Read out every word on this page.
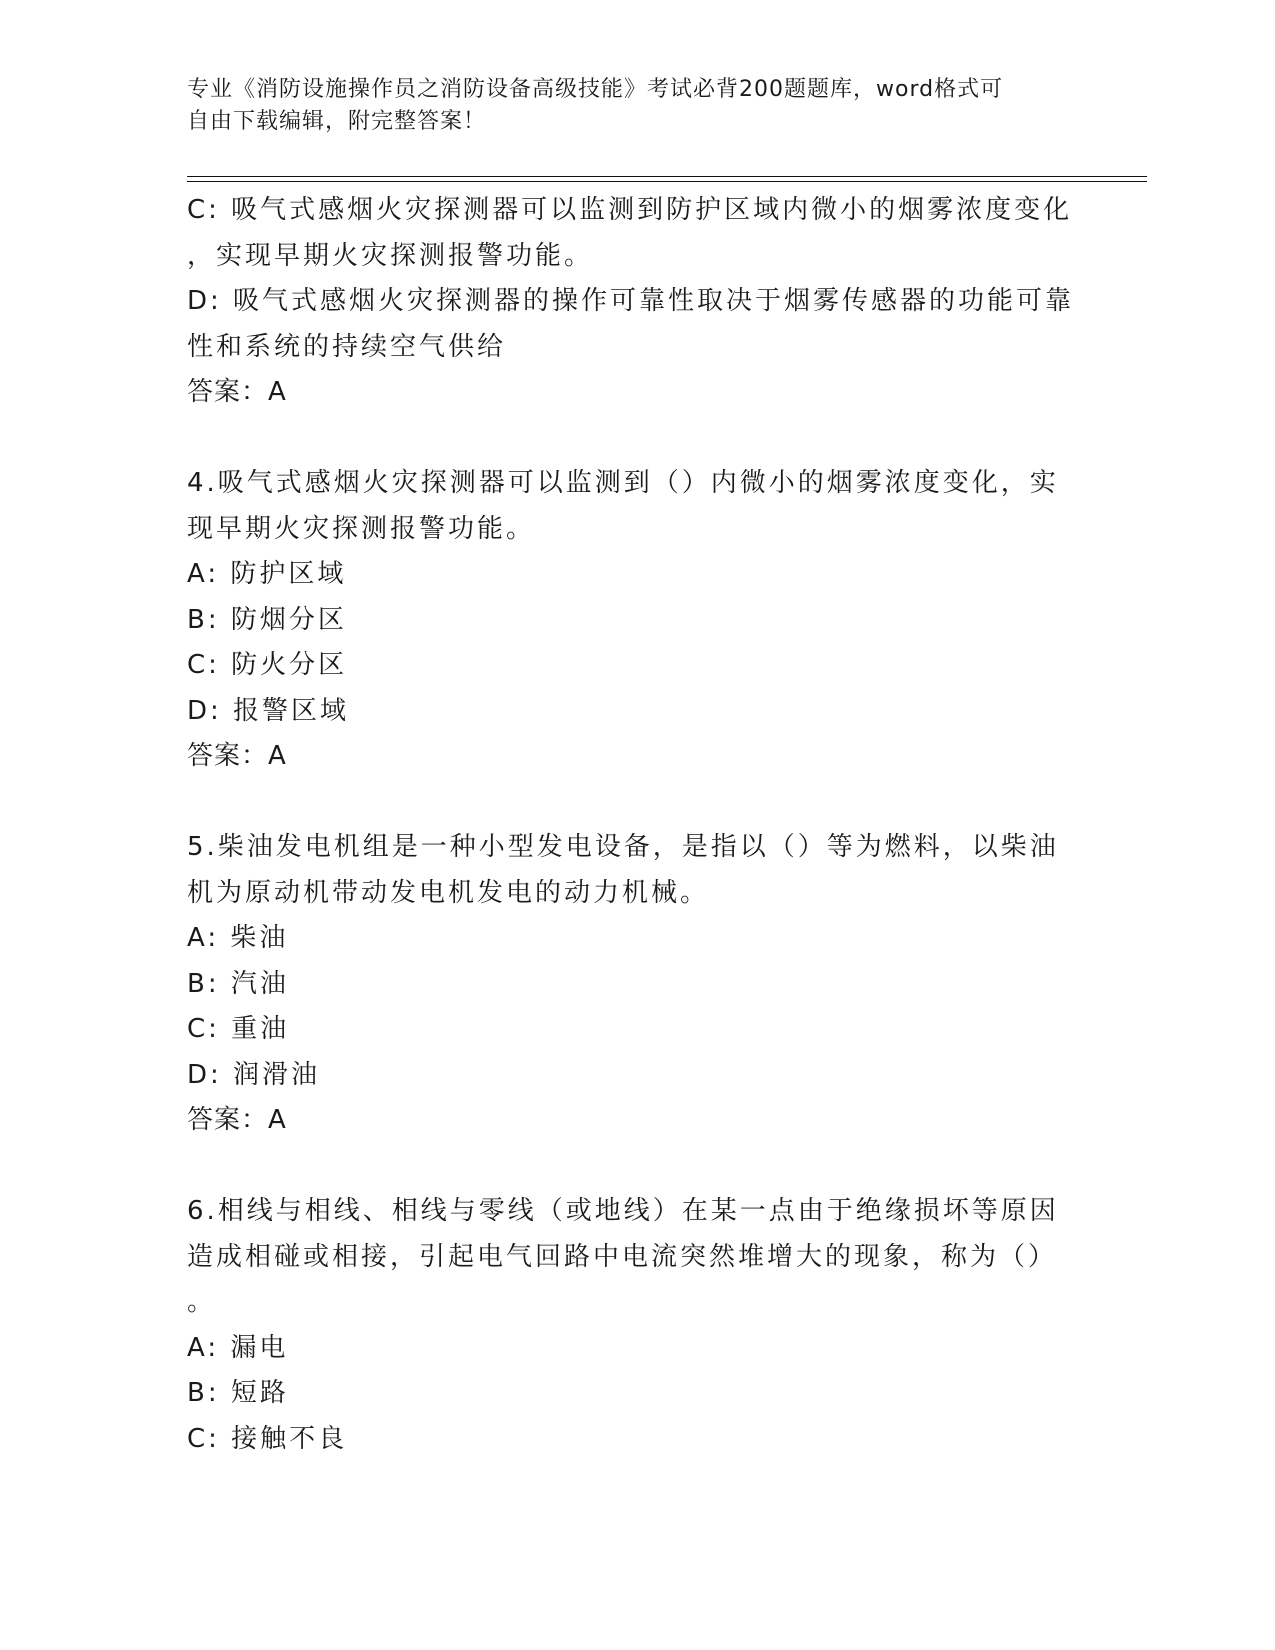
专业《消防设施操作员之消防设备高级技能》考试必背200题题库，word格式可
自由下载编辑，附完整答案！
C: 吸气式感烟火灾探测器可以监测到防护区域内微小的烟雾浓度变化
，实现早期火灾探测报警功能。
D: 吸气式感烟火灾探测器的操作可靠性取决于烟雾传感器的功能可靠
性和系统的持续空气供给
答案：A
4.吸气式感烟火灾探测器可以监测到（）内微小的烟雾浓度变化，实
现早期火灾探测报警功能。
A: 防护区域
B: 防烟分区
C: 防火分区
D: 报警区域
答案：A
5.柴油发电机组是一种小型发电设备，是指以（）等为燃料，以柴油
机为原动机带动发电机发电的动力机械。
A: 柴油
B: 汽油
C: 重油
D: 润滑油
答案：A
6.相线与相线、相线与零线（或地线）在某一点由于绝缘损坏等原因
造成相碰或相接，引起电气回路中电流突然堆增大的现象，称为（）
。
A: 漏电
B: 短路
C: 接触不良
